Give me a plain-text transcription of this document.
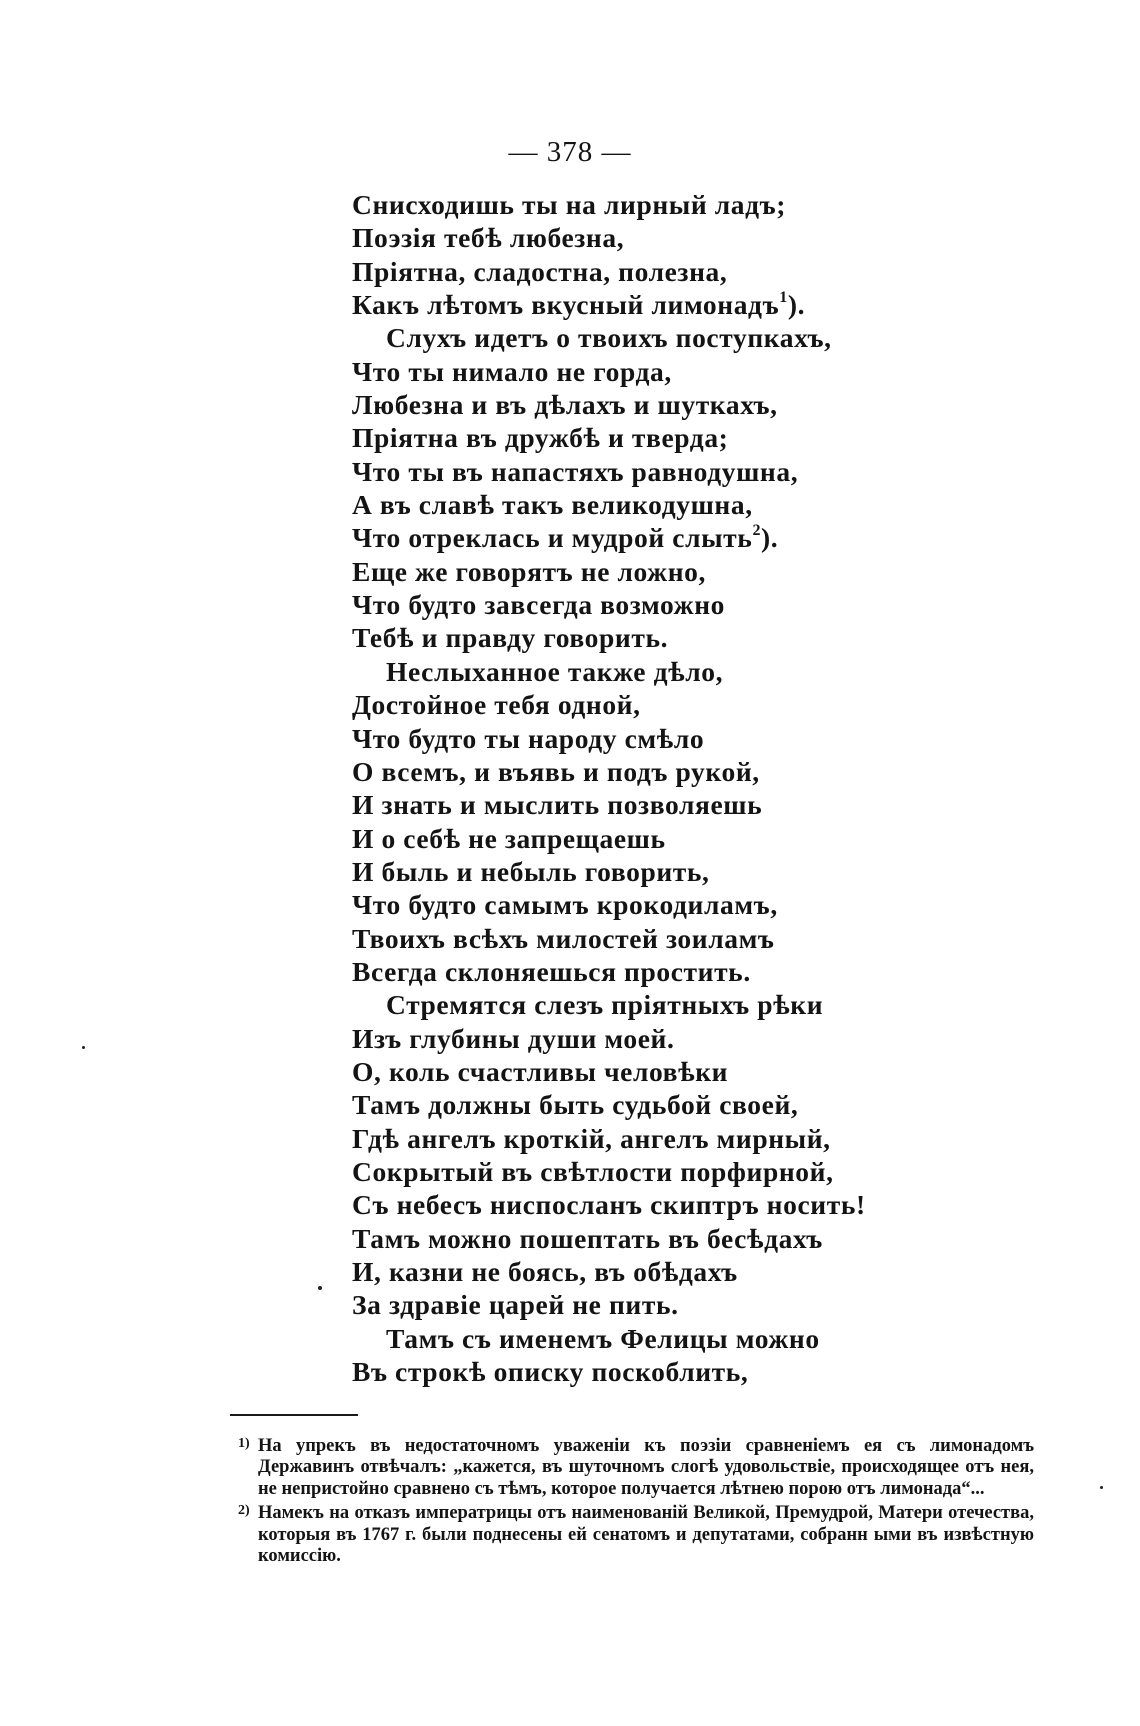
— 378 —
Снисходишь ты на лирный ладъ;
Поэзія тебѣ любезна,
Пріятна, сладостна, полезна,
Какъ лѣтомъ вкусный лимонадъ$^1$).
Слухъ идетъ о твоихъ поступкахъ,
Что ты нимало не горда,
Любезна и въ дѣлахъ и шуткахъ,
Пріятна въ дружбѣ и тверда;
Что ты въ напастяхъ равнодушна,
А въ славѣ такъ великодушна,
Что отреклась и мудрой слыть$^2$).
Еще же говорятъ не ложно,
Что будто завсегда возможно
Тебѣ и правду говорить.
Неслыханное также дѣло,
Достойное тебя одной,
Что будто ты народу смѣло
О всемъ, и въявь и подъ рукой,
И знать и мыслить позволяешь
И о себѣ не запрещаешь
И быль и небыль говорить,
Что будто самымъ крокодиламъ,
Твоихъ всѣхъ милостей зоиламъ
Всегда склоняешься простить.
Стремятся слезъ пріятныхъ рѣки
Изъ глубины души моей.
О, коль счастливы человѣки
Тамъ должны быть судьбой своей,
Гдѣ ангелъ кроткій, ангелъ мирный,
Сокрытый въ свѣтлости порфирной,
Съ небесъ ниспосланъ скиптръ носить!
Тамъ можно пошептать въ бесѣдахъ
И, казни не боясь, въ обѣдахъ
За здравіе царей не пить.
Тамъ съ именемъ Фелицы можно
Въ строкѣ описку поскоблить,
1) На упрекъ въ недостаточномъ уваженіи къ поэзіи сравненіемъ ея съ лимонадомъ Державинъ отвѣчалъ: „кажется, въ шуточномъ слогѣ удовольствіе, происходящее отъ нея, не непристойно сравнено съ тѣмъ, которое получается лѣтнею порою отъ лимонада“...
2) Намекъ на отказъ императрицы отъ наименованій Великой, Премудрой, Матери отечества, которыя въ 1767 г. были поднесены ей сенатомъ и депутатами, собранн ыми въ извѣстную комиссію.
